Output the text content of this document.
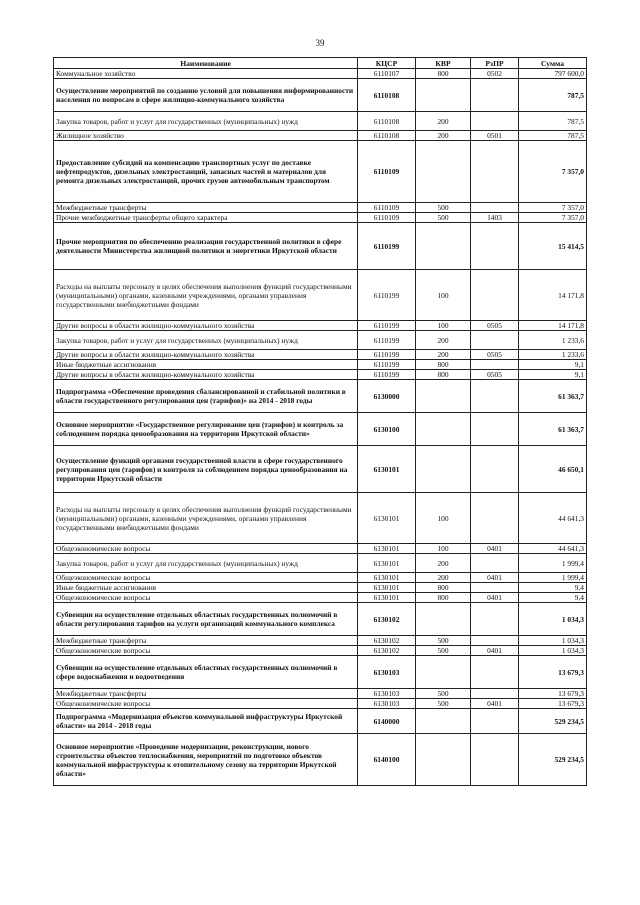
39
Наименование	КЦСР	КВР	РзПР	Сумма
Коммунальное хозяйство	6110107	800	0502	797 600,0
Осуществление мероприятий по созданию условий для повышения информированности населения по вопросам в сфере жилищно-коммунального хозяйства	6110108			787,5
Закупка товаров, работ и услуг для государственных (муниципальных) нужд	6110108	200		787,5
Жилищное хозяйство	6110108	200	0501	787,5
Предоставление субсидий на компенсацию транспортных услуг по доставке нефтепродуктов, дизельных электростанций, запасных частей и материалов для ремонта дизельных электростанций, прочих грузов автомобильным транспортом	6110109			7 357,0
Межбюджетные трансферты	6110109	500		7 357,0
Прочие межбюджетные трансферты общего характера	6110109	500	1403	7 357,0
Прочие мероприятия по обеспечению реализации государственной политики в сфере деятельности Министерства жилищной политики и энергетики Иркутской области	6110199			15 414,5
Расходы на выплаты персоналу в целях обеспечения выполнения функций государственными (муниципальными) органами, казенными учреждениями, органами управления государственными внебюджетными фондами	6110199	100		14 171,8
Другие вопросы в области жилищно-коммунального хозяйства	6110199	100	0505	14 171,8
Закупка товаров, работ и услуг для государственных (муниципальных) нужд	6110199	200		1 233,6
Другие вопросы в области жилищно-коммунального хозяйства	6110199	200	0505	1 233,6
Иные бюджетные ассигнования	6110199	800		9,1
Другие вопросы в области жилищно-коммунального хозяйства	6110199	800	0505	9,1
Подпрограмма «Обеспечение проведения сбалансированной и стабильной политики в области государственного регулирования цен (тарифов)» на 2014 - 2018 годы	6130000			61 363,7
Основное мероприятие «Государственное регулирование цен (тарифов) и контроль за соблюдением порядка ценообразования на территории Иркутской области»	6130100			61 363,7
Осуществление функций органами государственной власти в сфере государственного регулирования цен (тарифов) и контроля за соблюдением порядка ценообразования на территории Иркутской области	6130101			46 650,1
Расходы на выплаты персоналу в целях обеспечения выполнения функций государственными (муниципальными) органами, казенными учреждениями, органами управления государственными внебюджетными фондами	6130101	100		44 641,3
Общеэкономические вопросы	6130101	100	0401	44 641,3
Закупка товаров, работ и услуг для государственных (муниципальных) нужд	6130101	200		1 999,4
Общеэкономические вопросы	6130101	200	0401	1 999,4
Иные бюджетные ассигнования	6130101	800		9,4
Общеэкономические вопросы	6130101	800	0401	9,4
Субвенции на осуществление отдельных областных государственных полномочий в области регулирования тарифов на услуги организаций коммунального комплекса	6130102			1 034,3
Межбюджетные трансферты	6130102	500		1 034,3
Общеэкономические вопросы	6130102	500	0401	1 034,3
Субвенции на осуществление отдельных областных государственных полномочий в сфере водоснабжения и водоотведения	6130103			13 679,3
Межбюджетные трансферты	6130103	500		13 679,3
Общеэкономические вопросы	6130103	500	0401	13 679,3
Подпрограмма «Модернизация объектов коммунальной инфраструктуры Иркутской области» на 2014 - 2018 годы	6140000			529 234,5
Основное мероприятие «Проведение модернизации, реконструкции, нового строительства объектов теплоснабжения, мероприятий по подготовке объектов коммунальной инфраструктуры к отопительному сезону на территории Иркутской области»	6140100			529 234,5
